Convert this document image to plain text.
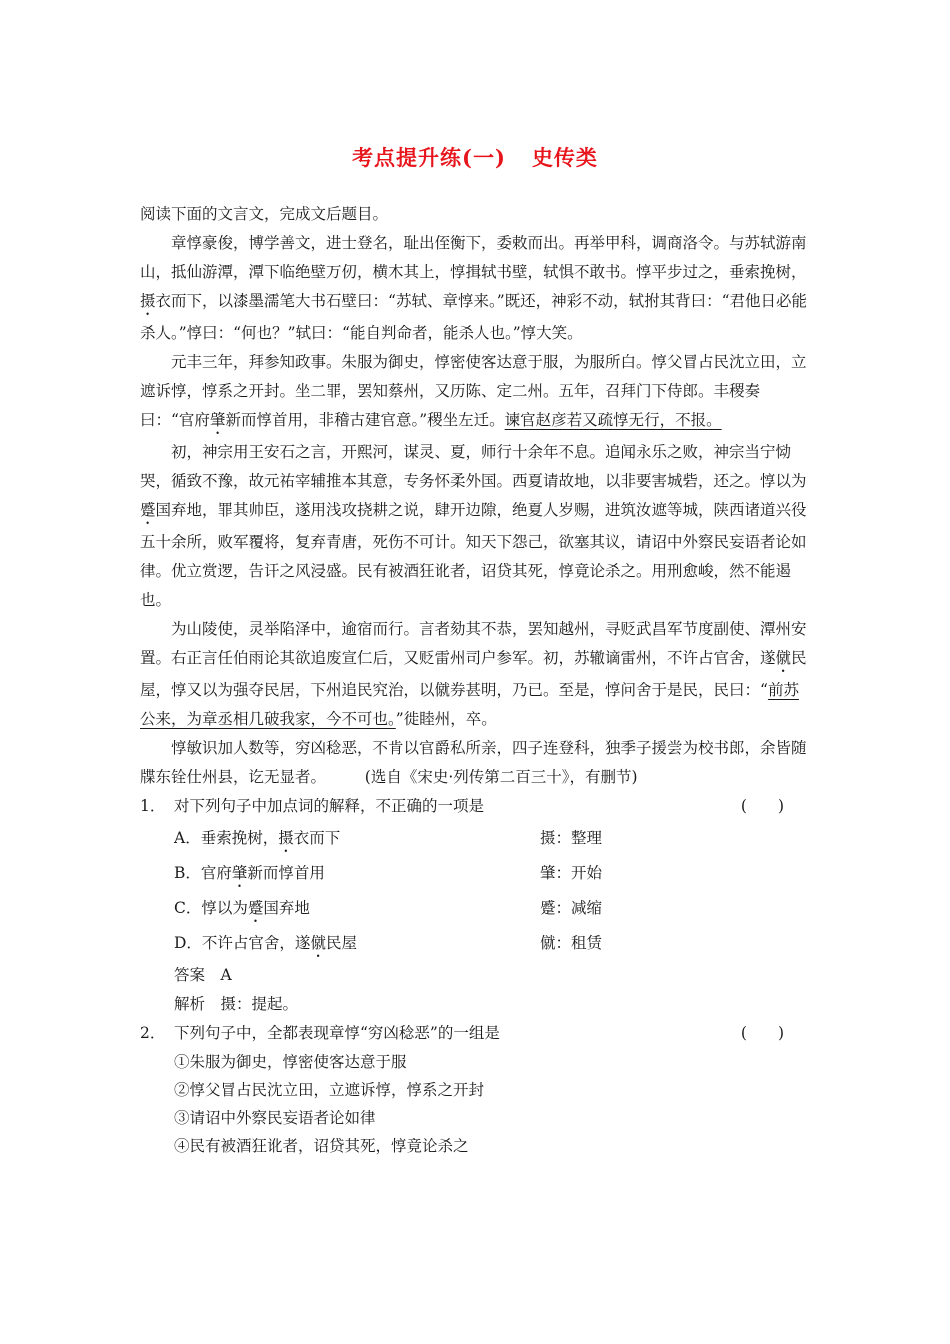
考点提升练(一) 史传类

阅读下面的文言文，完成文后题目。

章惇豪俊，博学善文，进士登名，耻出侄衡下，委敕而出。再举甲科，调商洛令。与苏轼游南山，抵仙游潭，潭下临绝壁万仞，横木其上，惇揖轼书壁，轼惧不敢书。惇平步过之，垂索挽树，摄衣而下，以漆墨濡笔大书石壁曰：“苏轼、章惇来。”既还，神彩不动，轼拊其背曰：“君他日必能杀人。”惇曰：“何也？”轼曰：“能自判命者，能杀人也。”惇大笑。

元丰三年，拜参知政事。朱服为御史，惇密使客达意于服，为服所白。惇父冒占民沈立田，立遮诉惇，惇系之开封。坐二罪，罢知蔡州，又历陈、定二州。五年，召拜门下侍郎。丰稷奏曰：“官府肇新而惇首用，非稽古建官意。”稷坐左迁。谏官赵彦若又疏惇无行，不报。

初，神宗用王安石之言，开熙河，谋灵、夏，师行十余年不息。追闻永乐之败，神宗当宁恸哭，循致不豫，故元祐宰辅推本其意，专务怀柔外国。西夏请故地，以非要害城砦，还之。惇以为蹙国弃地，罪其帅臣，遂用浅攻挠耕之说，肆开边隙，绝夏人岁赐，进筑汝遮等城，陕西诸道兴役五十余所，败军覆将，复弃青唐，死伤不可计。知天下怨己，欲塞其议，请诏中外察民妄语者论如律。优立赏逻，告讦之风浸盛。民有被酒狂讹者，诏贷其死，惇竟论杀之。用刑愈峻，然不能遏也。

为山陵使，灵举陷泽中，逾宿而行。言者劾其不恭，罢知越州，寻贬武昌军节度副使、潭州安置。右正言任伯雨论其欲追废宣仁后，又贬雷州司户参军。初，苏辙谪雷州，不许占官舍，遂僦民屋，惇又以为强夺民居，下州追民究治，以僦券甚明，乃已。至是，惇问舍于是民，民曰：“前苏公来，为章丞相几破我家，今不可也。”徙睦州，卒。

惇敏识加人数等，穷凶稔恶，不肯以官爵私所亲，四子连登科，独季子援尝为校书郎，余皆随牒东铨仕州县，讫无显者。　　　	(选自《宋史·列传第二百三十》，有删节)

1． 对下列句子中加点词的解释，不正确的一项是	(　　)
A．垂索挽树，摄衣而下	摄：整理
B．官府肇新而惇首用	肇：开始
C．惇以为蹙国弃地	蹙：减缩
D．不许占官舍，遂僦民屋	僦：租赁

答案　A

解析　摄：提起。

2． 下列句子中，全都表现章惇“穷凶稔恶”的一组是	(　　)

①朱服为御史，惇密使客达意于服

②惇父冒占民沈立田，立遮诉惇，惇系之开封

③请诏中外察民妄语者论如律

④民有被酒狂讹者，诏贷其死，惇竟论杀之
